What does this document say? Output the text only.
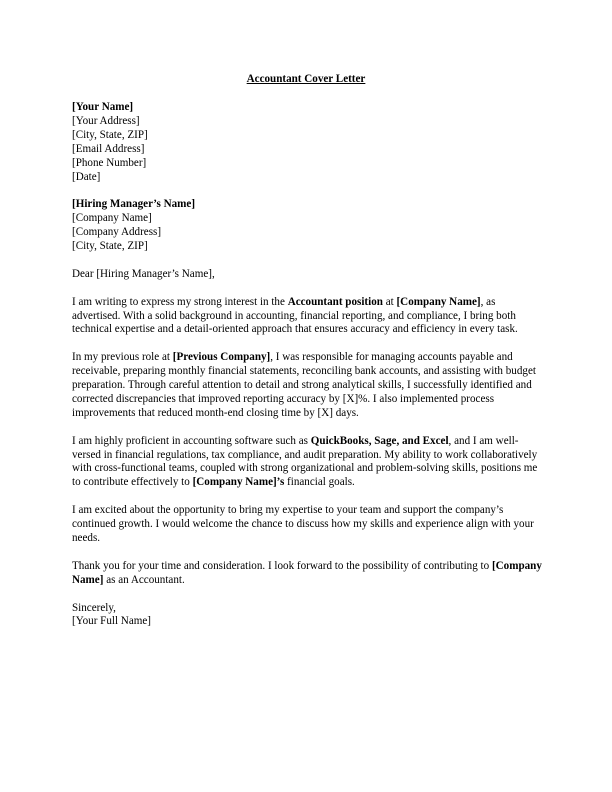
Accountant Cover Letter
[Your Name]
[Your Address]
[City, State, ZIP]
[Email Address]
[Phone Number]
[Date]
[Hiring Manager’s Name]
[Company Name]
[Company Address]
[City, State, ZIP]

Dear [Hiring Manager’s Name],

I am writing to express my strong interest in the Accountant position at [Company Name], as advertised. With a solid background in accounting, financial reporting, and compliance, I bring both technical expertise and a detail-oriented approach that ensures accuracy and efficiency in every task.

In my previous role at [Previous Company], I was responsible for managing accounts payable and receivable, preparing monthly financial statements, reconciling bank accounts, and assisting with budget preparation. Through careful attention to detail and strong analytical skills, I successfully identified and corrected discrepancies that improved reporting accuracy by [X]%. I also implemented process improvements that reduced month-end closing time by [X] days.

I am highly proficient in accounting software such as QuickBooks, Sage, and Excel, and I am well-versed in financial regulations, tax compliance, and audit preparation. My ability to work collaboratively with cross-functional teams, coupled with strong organizational and problem-solving skills, positions me to contribute effectively to [Company Name]’s financial goals.

I am excited about the opportunity to bring my expertise to your team and support the company’s continued growth. I would welcome the chance to discuss how my skills and experience align with your needs.

Thank you for your time and consideration. I look forward to the possibility of contributing to [Company Name] as an Accountant.

Sincerely,
[Your Full Name]
